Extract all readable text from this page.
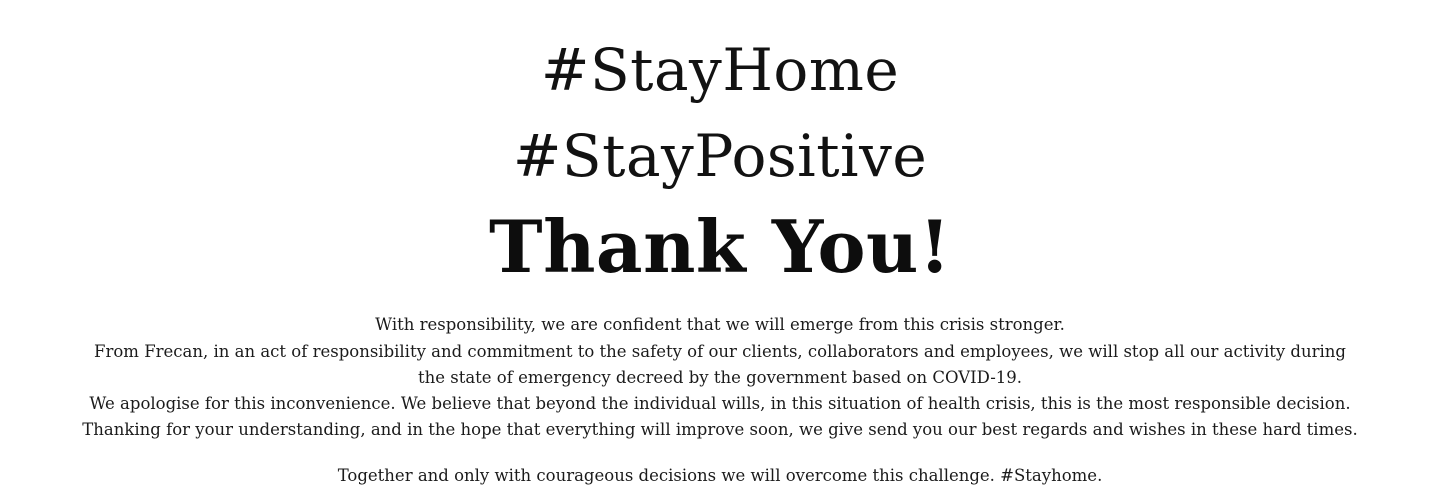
#StayHome
#StayPositive
Thank You!
With responsibility, we are confident that we will emerge from this crisis stronger.
From Frecan, in an act of responsibility and commitment to the safety of our clients, collaborators and employees, we will stop all our activity during
the state of emergency decreed by the government based on COVID-19.
We apologise for this inconvenience. We believe that beyond the individual wills, in this situation of health crisis, this is the most responsible decision.
Thanking for your understanding, and in the hope that everything will improve soon, we give send you our best regards and wishes in these hard times.
Together and only with courageous decisions we will overcome this challenge. #Stayhome.
